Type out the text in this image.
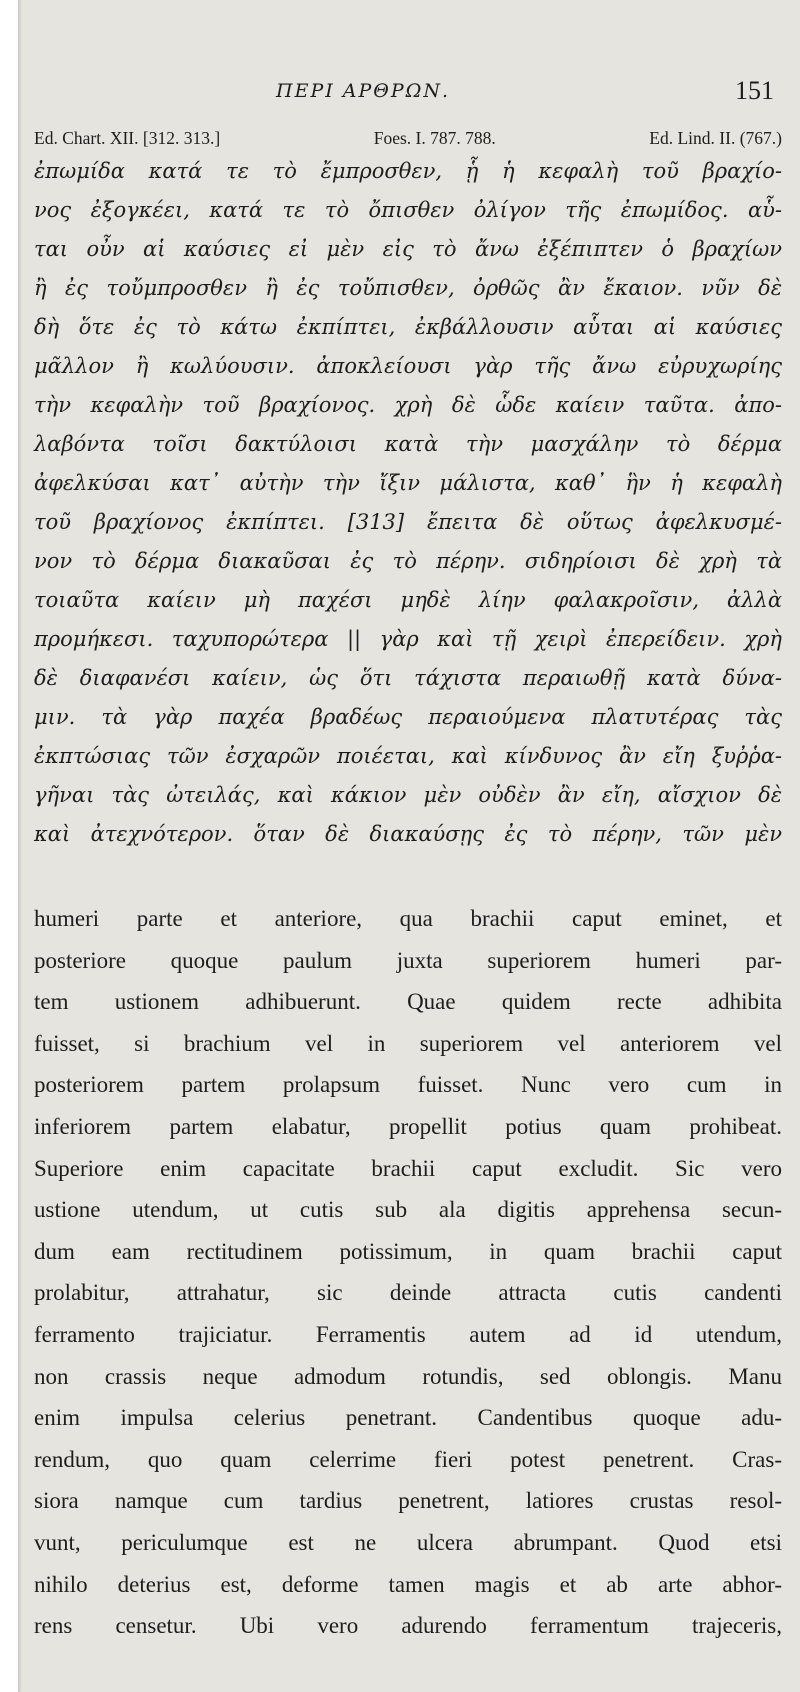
ΠΕΡΙ ΑΡΘΡΩΝ.	151
Ed. Chart. XII. [312. 313.]	Foes. I. 787. 788.	Ed. Lind. II. (767.)
ἐπωμίδα κατά τε τὸ ἔμπροσθεν, ᾗ ἡ κεφαλὴ τοῦ βραχίο-
νος ἐξογκέει, κατά τε τὸ ὄπισθεν ὀλίγον τῆς ἐπωμίδος. αὗ-
ται οὖν αἱ καύσιες εἰ μὲν εἰς τὸ ἄνω ἐξέπιπτεν ὁ βραχίων
ἢ ἐς τοὔμπροσθεν ἢ ἐς τοὔπισθεν, ὀρθῶς ἂν ἔκαιον. νῦν δὲ
δὴ ὅτε ἐς τὸ κάτω ἐκπίπτει, ἐκβάλλουσιν αὗται αἱ καύσιες
μᾶλλον ἢ κωλύουσιν. ἀποκλείουσι γὰρ τῆς ἄνω εὐρυχωρίης
τὴν κεφαλὴν τοῦ βραχίονος. χρὴ δὲ ὧδε καίειν ταῦτα. ἀπο-
λαβόντα τοῖσι δακτύλοισι κατὰ τὴν μασχάλην τὸ δέρμα
ἀφελκύσαι κατ᾿ αὐτὴν τὴν ἴξιν μάλιστα, καθ᾿ ἣν ἡ κεφαλὴ
τοῦ βραχίονος ἐκπίπτει. [313] ἔπειτα δὲ οὕτως ἀφελκυσμέ-
νον τὸ δέρμα διακαῦσαι ἐς τὸ πέρην. σιδηρίοισι δὲ χρὴ τὰ
τοιαῦτα καίειν μὴ παχέσι μηδὲ λίην φαλακροῖσιν, ἀλλὰ
προμήκεσι. ταχυπορώτερα || γὰρ καὶ τῇ χειρὶ ἐπερείδειν. χρὴ
δὲ διαφανέσι καίειν, ὡς ὅτι τάχιστα περαιωθῇ κατὰ δύνα-
μιν. τὰ γὰρ παχέα βραδέως περαιούμενα πλατυτέρας τὰς
ἐκπτώσιας τῶν ἐσχαρῶν ποιέεται, καὶ κίνδυνος ἂν εἴη ξυῤῥα-
γῆναι τὰς ὠτειλάς, καὶ κάκιον μὲν οὐδὲν ἂν εἴη, αἴσχιον δὲ
καὶ ἀτεχνότερον. ὅταν δὲ διακαύσῃς ἐς τὸ πέρην, τῶν μὲν
humeri parte et anteriore, qua brachii caput eminet, et
posteriore quoque paulum juxta superiorem humeri par-
tem ustionem adhibuerunt. Quae quidem recte adhibita
fuisset, si brachium vel in superiorem vel anteriorem vel
posteriorem partem prolapsum fuisset. Nunc vero cum in
inferiorem partem elabatur, propellit potius quam prohibeat.
Superiore enim capacitate brachii caput excludit. Sic vero
ustione utendum, ut cutis sub ala digitis apprehensa secun-
dum eam rectitudinem potissimum, in quam brachii caput
prolabitur, attrahatur, sic deinde attracta cutis candenti
ferramento trajiciatur. Ferramentis autem ad id utendum,
non crassis neque admodum rotundis, sed oblongis. Manu
enim impulsa celerius penetrant. Candentibus quoque adu-
rendum, quo quam celerrime fieri potest penetrent. Cras-
siora namque cum tardius penetrent, latiores crustas resol-
vunt, periculumque est ne ulcera abrumpant. Quod etsi
nihilo deterius est, deforme tamen magis et ab arte abhor-
rens censetur. Ubi vero adurendo ferramentum trajeceris,
